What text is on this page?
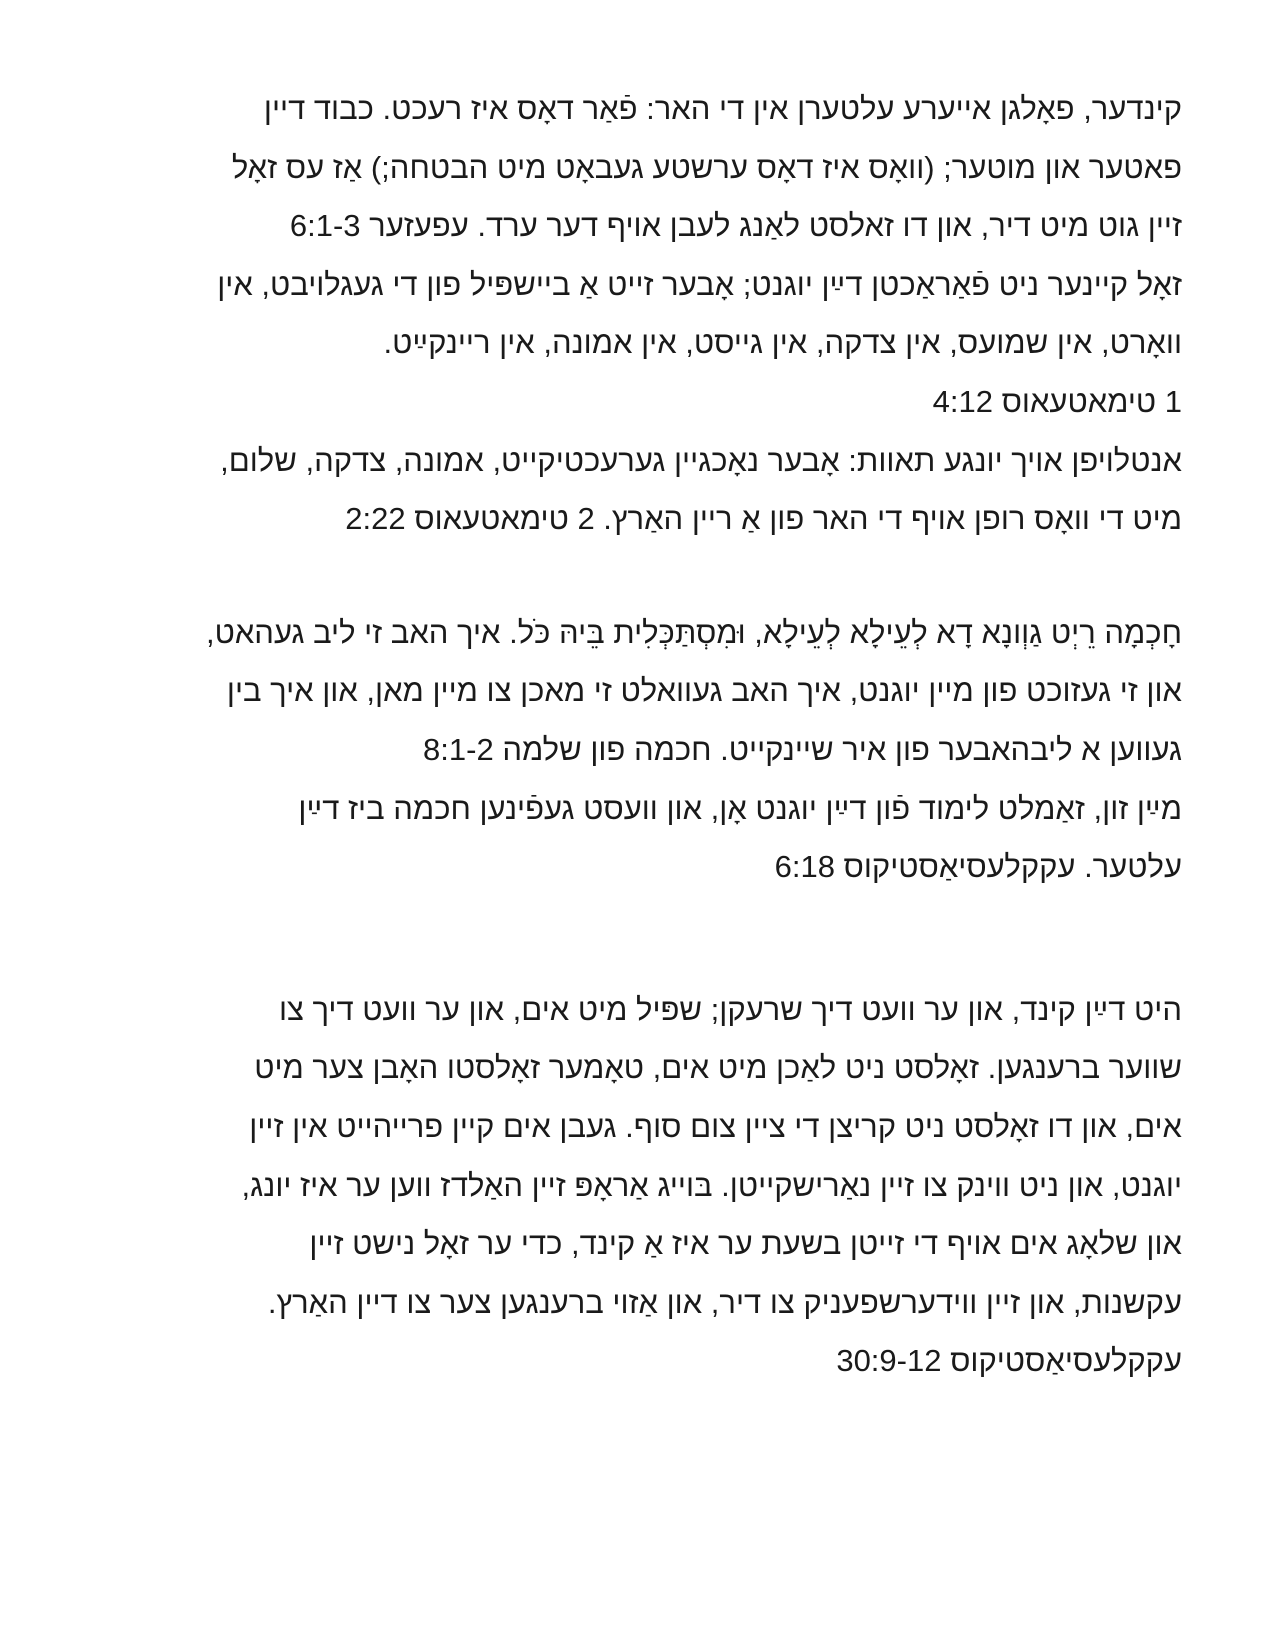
קינדער, פאָלגן אייערע עלטערן אין די האר: פֿאַר דאָס איז רעכט. כבוד דיין
פאטער און מוטער; (וואָס איז דאָס ערשטע געבאָט מיט הבטחה;) אַז עס זאָל
זיין גוט מיט דיר, און דו זאלסט לאַנג לעבן אויף דער ערד. עפעזער 6:1-3
זאָל קיינער ניט פֿאַראַכטן דײַן יוגנט; אָבער זייט אַ ביישפּיל פון די געגלויבט, אין
וואָרט, אין שמועס, אין צדקה, אין גייסט, אין אמונה, אין ריינקײַט.
1 טימאטעאוס 4:12
אנטלויפן אויך יונגע תאוות: אָבער נאָכגיין גערעכטיקייט, אמונה, צדקה, שלום,
מיט די וואָס רופן אויף די האר פון אַ ריין האַרץ. 2 טימאטעאוס 2:22
חָכְמָה רֵיְט גַוְונָא דָא לְעֵילָא לְעֵילָא, וּמִסְתַּכְּלִית בֵּיהּ כֹּל. איך האב זי ליב געהאט,
און זי געזוכט פון מיין יוגנט, איך האב געוואלט זי מאכן צו מיין מאן, און איך בין
געווען א ליבהאבער פון איר שיינקייט. חכמה פון שלמה 8:1-2
מײַן זון, זאַמלט לימוד פֿון דײַן יוגנט אָן, און וועסט געפֿינען חכמה ביז דײַן
עלטער. עקקלעסיאַסטיקוס 6:18
היט דײַן קינד, און ער וועט דיך שרעקן; שפּיל מיט אים, און ער וועט דיך צו
שווער ברענגען. זאָלסט ניט לאַכן מיט אים, טאָמער זאָלסטו האָבן צער מיט
אים, און דו זאָלסט ניט קריצן די ציין צום סוף. געבן אים קיין פרייהייט אין זיין
יוגנט, און ניט ווינק צו זיין נאַרישקייטן. בּוייג אַראָפּ זיין האַלדז ווען ער איז יונג,
און שלאָג אים אויף די זייטן בשעת ער איז אַ קינד, כדי ער זאָל נישט זיין
עקשנות, און זיין ווידערשפעניק צו דיר, און אַזוי ברענגען צער צו דיין האַרץ.
עקקלעסיאַסטיקוס 30:9-12
